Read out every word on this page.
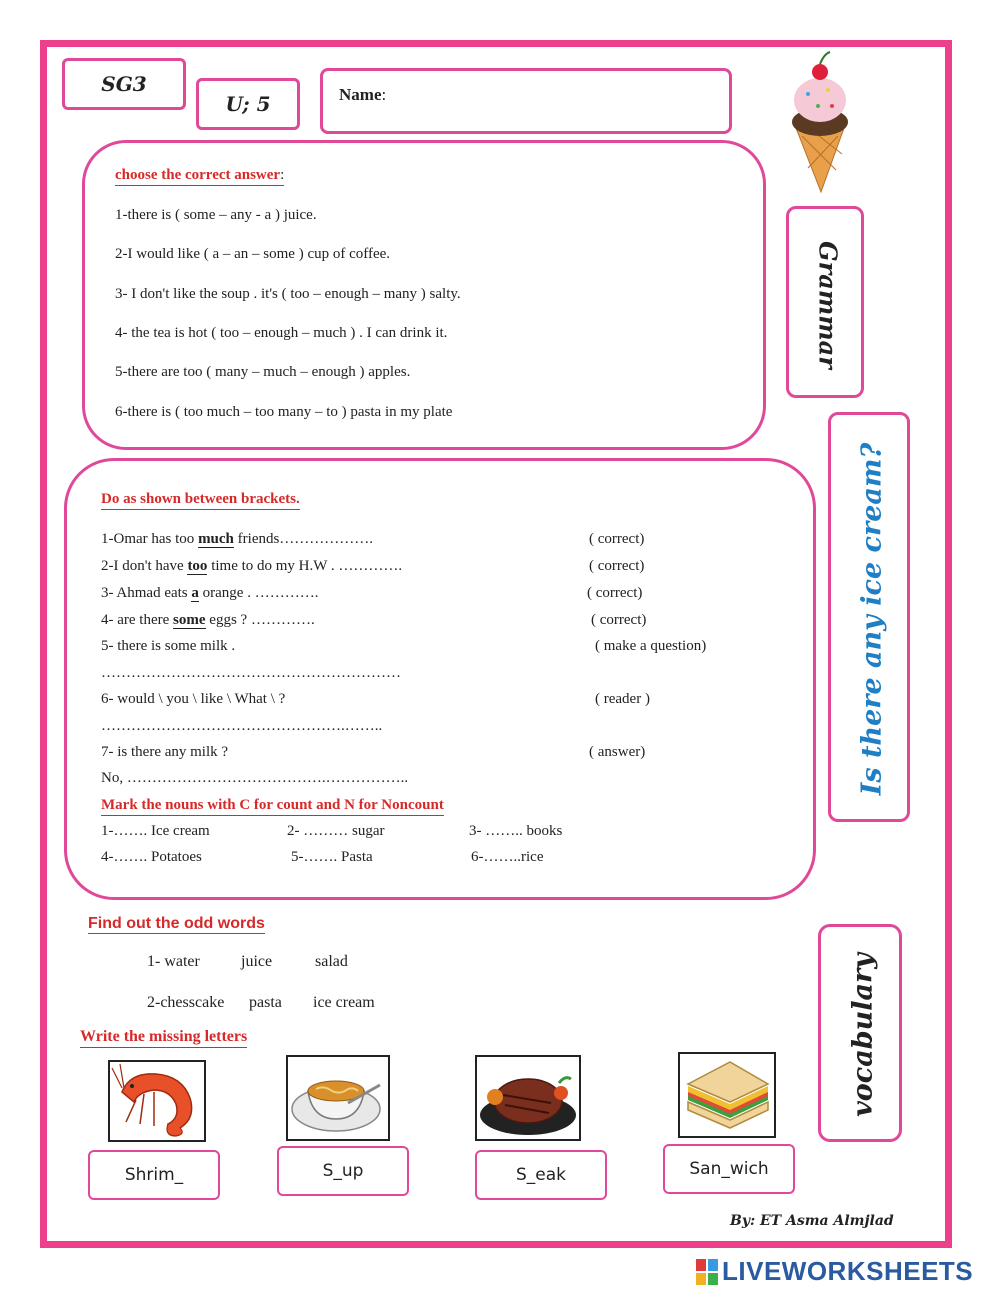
SG3
U; 5	Name:
Grammar
Is there any ice cream?
vocabulary
choose the correct answer:
1-there is ( some – any - a ) juice.
2-I would like ( a – an – some ) cup of coffee.
3- I don't like the soup . it's ( too – enough – many ) salty.
4- the tea is hot ( too – enough – much ) . I can drink it.
5-there are too ( many – much – enough ) apples.
6-there is ( too much – too many – to ) pasta in my plate
Do as shown between brackets.
1-Omar has too much friends……………….	( correct)
2-I don't have too time to do my H.W . ………….	( correct)
3- Ahmad eats a orange . ………….	( correct)
4- are there some eggs ? ………….	( correct)
5- there is some milk .	( make a question)
……………………………………………………
6- would \ you \ like \ What \ ?	( reader )
………………………………………….……..
7- is there any milk ?	( answer)
No, ………………………………….……………..
Mark the nouns with C for count and N for Noncount
1-……. Ice cream	2- ……… sugar	3- …….. books
4-……. Potatoes	5-……. Pasta	6-……..rice
Find out the odd words
1- water	juice	salad
2-chesscake pasta ice cream
Write the missing letters
Shrim_	S_up	S_eak	San_wich
By: ET Asma Almjlad
LIVEWORKSHEETS
